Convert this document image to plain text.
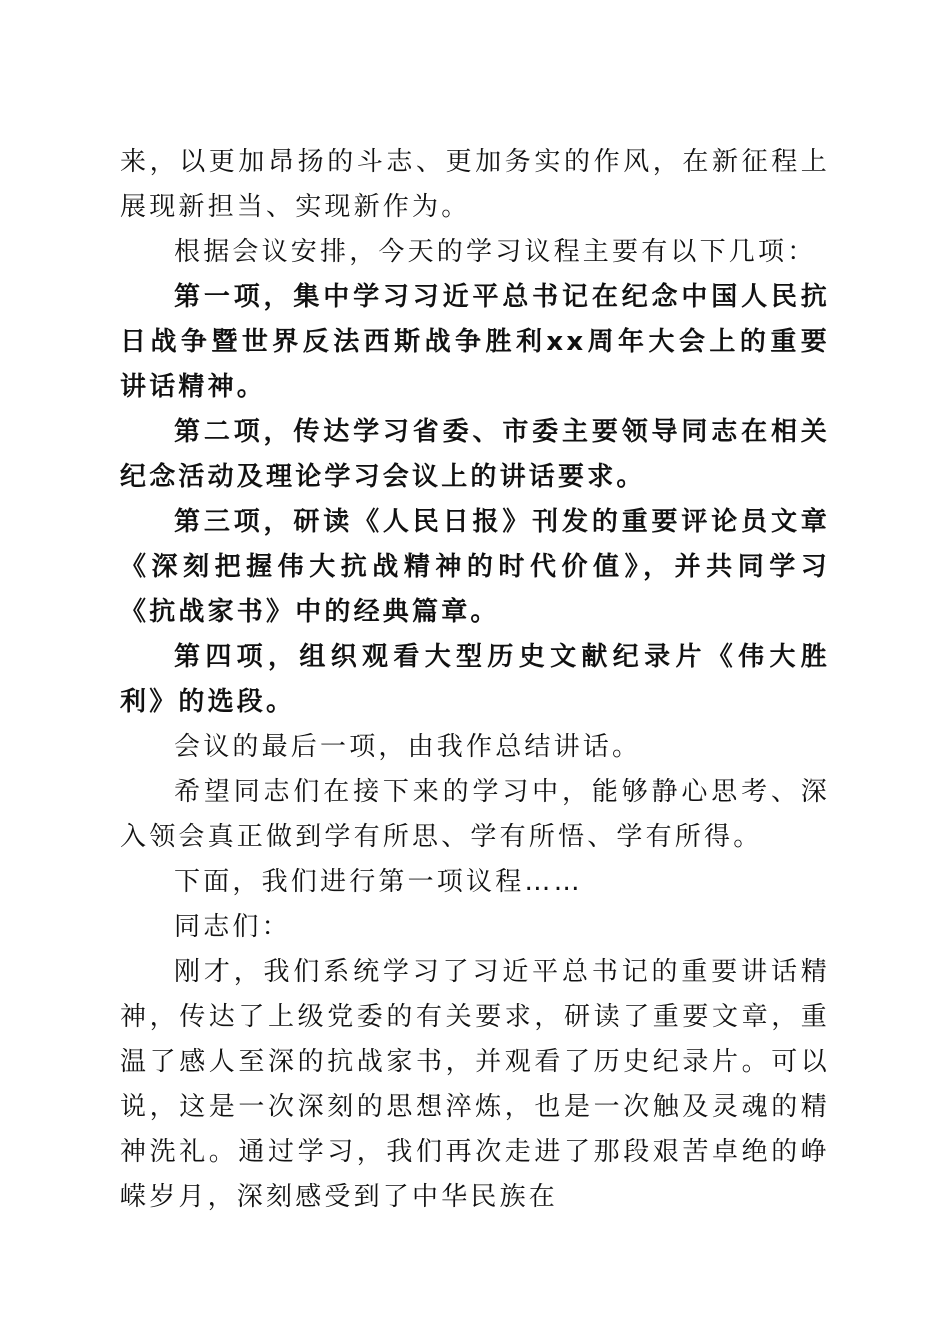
来，以更加昂扬的斗志、更加务实的作风，在新征程上展现新担当、实现新作为。

根据会议安排，今天的学习议程主要有以下几项：

第一项，集中学习习近平总书记在纪念中国人民抗日战争暨世界反法西斯战争胜利xx周年大会上的重要讲话精神。

第二项，传达学习省委、市委主要领导同志在相关纪念活动及理论学习会议上的讲话要求。

第三项，研读《人民日报》刊发的重要评论员文章《深刻把握伟大抗战精神的时代价值》，并共同学习《抗战家书》中的经典篇章。

第四项，组织观看大型历史文献纪录片《伟大胜利》的选段。

会议的最后一项，由我作总结讲话。

希望同志们在接下来的学习中，能够静心思考、深入领会真正做到学有所思、学有所悟、学有所得。

下面，我们进行第一项议程……

同志们：

刚才，我们系统学习了习近平总书记的重要讲话精神，传达了上级党委的有关要求，研读了重要文章，重温了感人至深的抗战家书，并观看了历史纪录片。可以说，这是一次深刻的思想淬炼，也是一次触及灵魂的精神洗礼。通过学习，我们再次走进了那段艰苦卓绝的峥嵘岁月，深刻感受到了中华民族在
